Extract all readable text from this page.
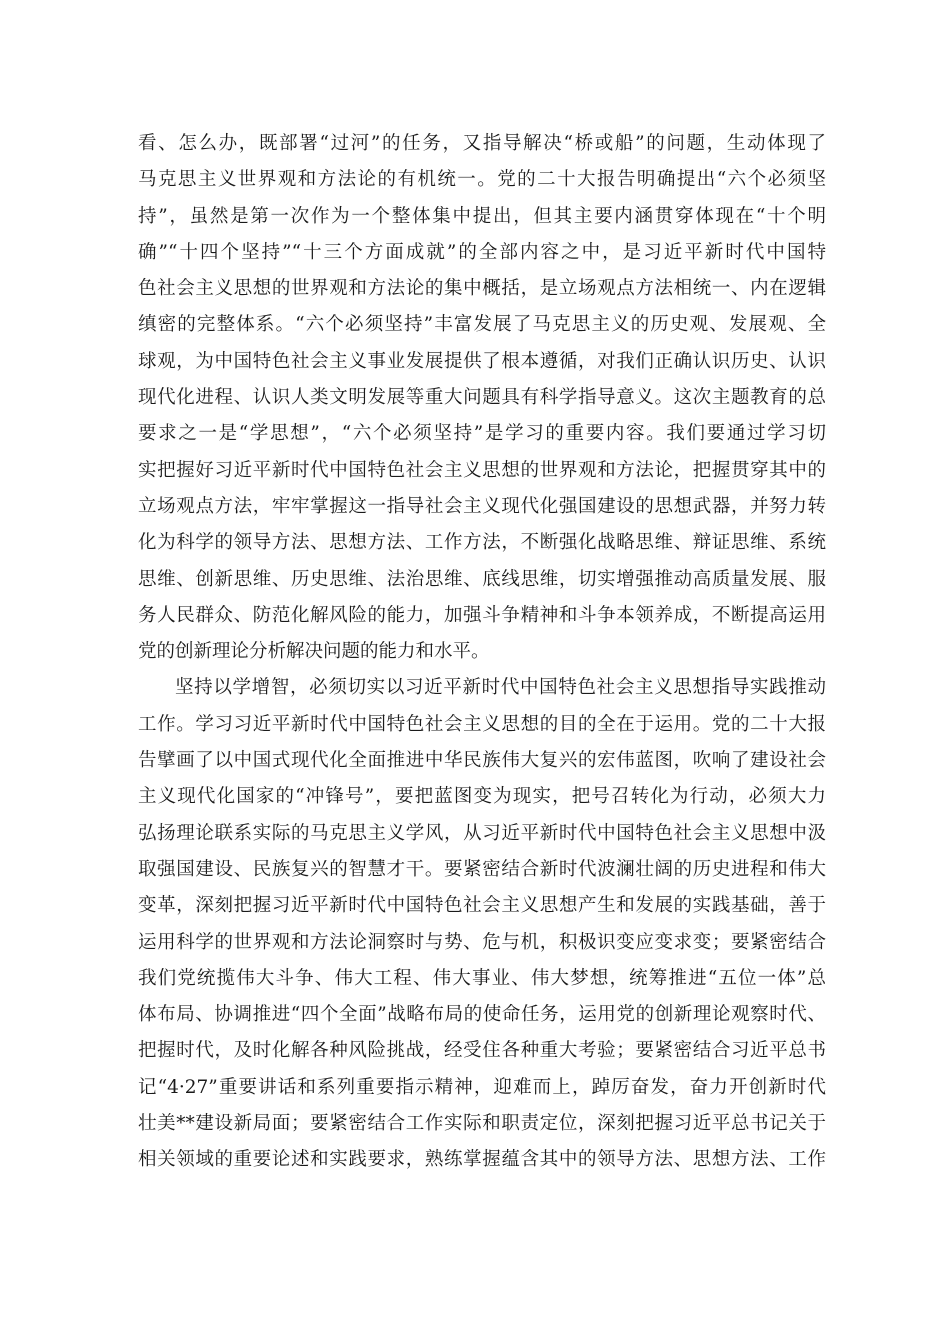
看、怎么办，既部署“过河”的任务，又指导解决“桥或船”的问题，生动体现了
马克思主义世界观和方法论的有机统一。党的二十大报告明确提出“六个必须坚
持”，虽然是第一次作为一个整体集中提出，但其主要内涵贯穿体现在“十个明
确”“十四个坚持”“十三个方面成就”的全部内容之中，是习近平新时代中国特
色社会主义思想的世界观和方法论的集中概括，是立场观点方法相统一、内在逻辑
缜密的完整体系。“六个必须坚持”丰富发展了马克思主义的历史观、发展观、全
球观，为中国特色社会主义事业发展提供了根本遵循，对我们正确认识历史、认识
现代化进程、认识人类文明发展等重大问题具有科学指导意义。这次主题教育的总
要求之一是“学思想”，“六个必须坚持”是学习的重要内容。我们要通过学习切
实把握好习近平新时代中国特色社会主义思想的世界观和方法论，把握贯穿其中的
立场观点方法，牢牢掌握这一指导社会主义现代化强国建设的思想武器，并努力转
化为科学的领导方法、思想方法、工作方法，不断强化战略思维、辩证思维、系统
思维、创新思维、历史思维、法治思维、底线思维，切实增强推动高质量发展、服
务人民群众、防范化解风险的能力，加强斗争精神和斗争本领养成，不断提高运用
党的创新理论分析解决问题的能力和水平。
坚持以学增智，必须切实以习近平新时代中国特色社会主义思想指导实践推动
工作。学习习近平新时代中国特色社会主义思想的目的全在于运用。党的二十大报
告擘画了以中国式现代化全面推进中华民族伟大复兴的宏伟蓝图，吹响了建设社会
主义现代化国家的“冲锋号”，要把蓝图变为现实，把号召转化为行动，必须大力
弘扬理论联系实际的马克思主义学风，从习近平新时代中国特色社会主义思想中汲
取强国建设、民族复兴的智慧才干。要紧密结合新时代波澜壮阔的历史进程和伟大
变革，深刻把握习近平新时代中国特色社会主义思想产生和发展的实践基础，善于
运用科学的世界观和方法论洞察时与势、危与机，积极识变应变求变；要紧密结合
我们党统揽伟大斗争、伟大工程、伟大事业、伟大梦想，统筹推进“五位一体”总
体布局、协调推进“四个全面”战略布局的使命任务，运用党的创新理论观察时代、
把握时代，及时化解各种风险挑战，经受住各种重大考验；要紧密结合习近平总书
记“4·27”重要讲话和系列重要指示精神，迎难而上，踔厉奋发，奋力开创新时代
壮美**建设新局面；要紧密结合工作实际和职责定位，深刻把握习近平总书记关于
相关领域的重要论述和实践要求，熟练掌握蕴含其中的领导方法、思想方法、工作
